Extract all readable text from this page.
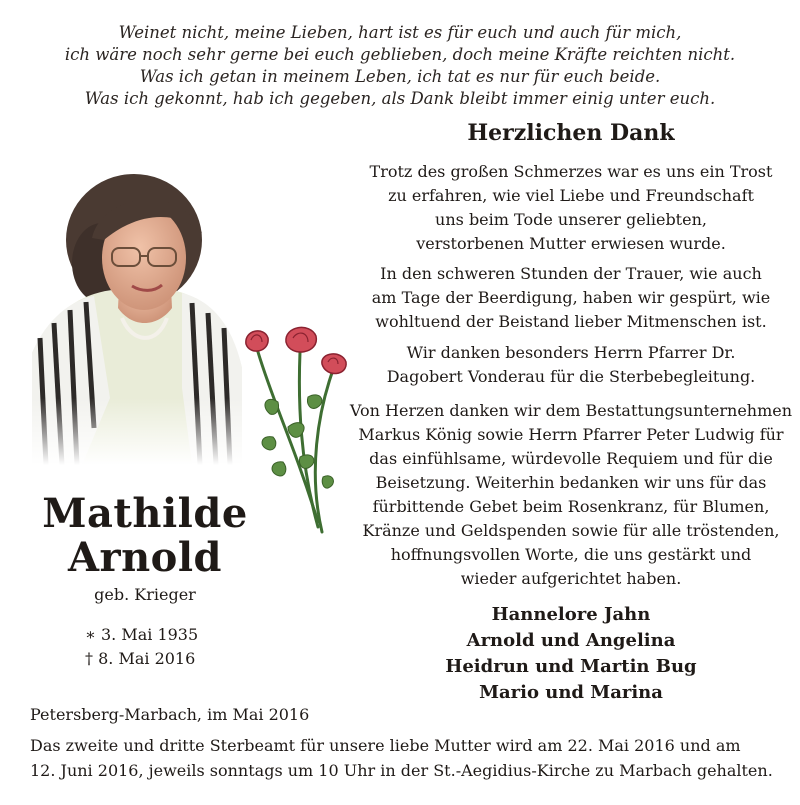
Weinet nicht, meine Lieben, hart ist es für euch und auch für mich,
ich wäre noch sehr gerne bei euch geblieben, doch meine Kräfte reichten nicht.
Was ich getan in meinem Leben, ich tat es nur für euch beide.
Was ich gekonnt, hab ich gegeben, als Dank bleibt immer einig unter euch.
Herzlichen Dank
Trotz des großen Schmerzes war es uns ein Trost
zu erfahren, wie viel Liebe und Freundschaft
uns beim Tode unserer geliebten,
verstorbenen Mutter erwiesen wurde.
In den schweren Stunden der Trauer, wie auch
am Tage der Beerdigung, haben wir gespürt, wie
wohltuend der Beistand lieber Mitmenschen ist.
Wir danken besonders Herrn Pfarrer Dr.
Dagobert Vonderau für die Sterbebegleitung.
Von Herzen danken wir dem Bestattungsunternehmen
Markus König sowie Herrn Pfarrer Peter Ludwig für
das einfühlsame, würdevolle Requiem und für die
Beisetzung. Weiterhin bedanken wir uns für das
fürbittende Gebet beim Rosenkranz, für Blumen,
Kränze und Geldspenden sowie für alle tröstenden,
hoffnungsvollen Worte, die uns gestärkt und
wieder aufgerichtet haben.
Hannelore Jahn
Arnold und Angelina
Heidrun und Martin Bug
Mario und Marina
Mathilde
Arnold
geb. Krieger
∗ 3. Mai 1935
† 8. Mai 2016
Petersberg-Marbach, im Mai 2016
Das zweite und dritte Sterbeamt für unsere liebe Mutter wird am 22. Mai 2016 und am
12. Juni 2016, jeweils sonntags um 10 Uhr in der St.-Aegidius-Kirche zu Marbach gehalten.
